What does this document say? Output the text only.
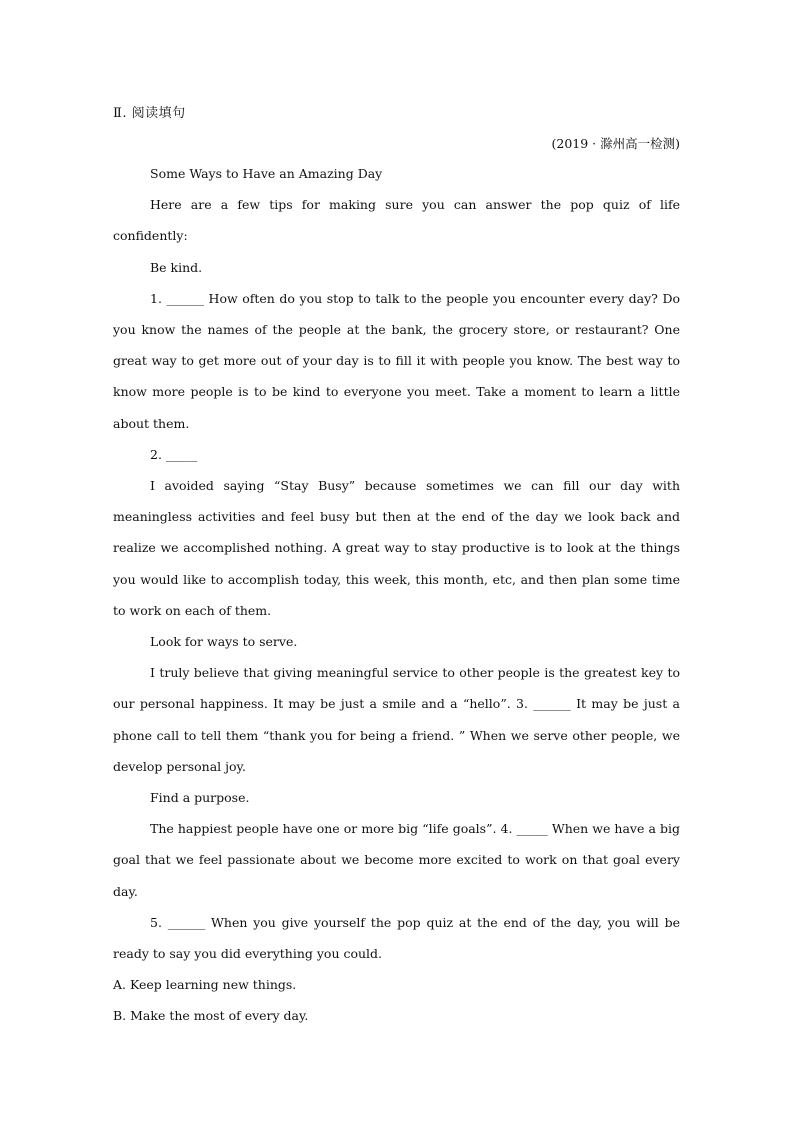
Ⅱ. 阅读填句
(2019 · 滁州高一检测)

Some Ways to Have an Amazing Day

Here are a few tips for making sure you can answer the pop quiz of life confidently:

Be kind.

1. ______ How often do you stop to talk to the people you encounter every day? Do you know the names of the people at the bank, the grocery store, or restaurant? One great way to get more out of your day is to fill it with people you know. The best way to know more people is to be kind to everyone you meet. Take a moment to learn a little about them.

2. _____

I avoided saying “Stay Busy” because sometimes we can fill our day with meaningless activities and feel busy but then at the end of the day we look back and realize we accomplished nothing. A great way to stay productive is to look at the things you would like to accomplish today, this week, this month, etc, and then plan some time to work on each of them.

Look for ways to serve.

I truly believe that giving meaningful service to other people is the greatest key to our personal happiness. It may be just a smile and a “hello”. 3. ______ It may be just a phone call to tell them “thank you for being a friend. ” When we serve other people, we develop personal joy.

Find a purpose.

The happiest people have one or more big “life goals”. 4. _____ When we have a big goal that we feel passionate about we become more excited to work on that goal every day.

5. ______ When you give yourself the pop quiz at the end of the day, you will be ready to say you did everything you could.

A. Keep learning new things.

B. Make the most of every day.
